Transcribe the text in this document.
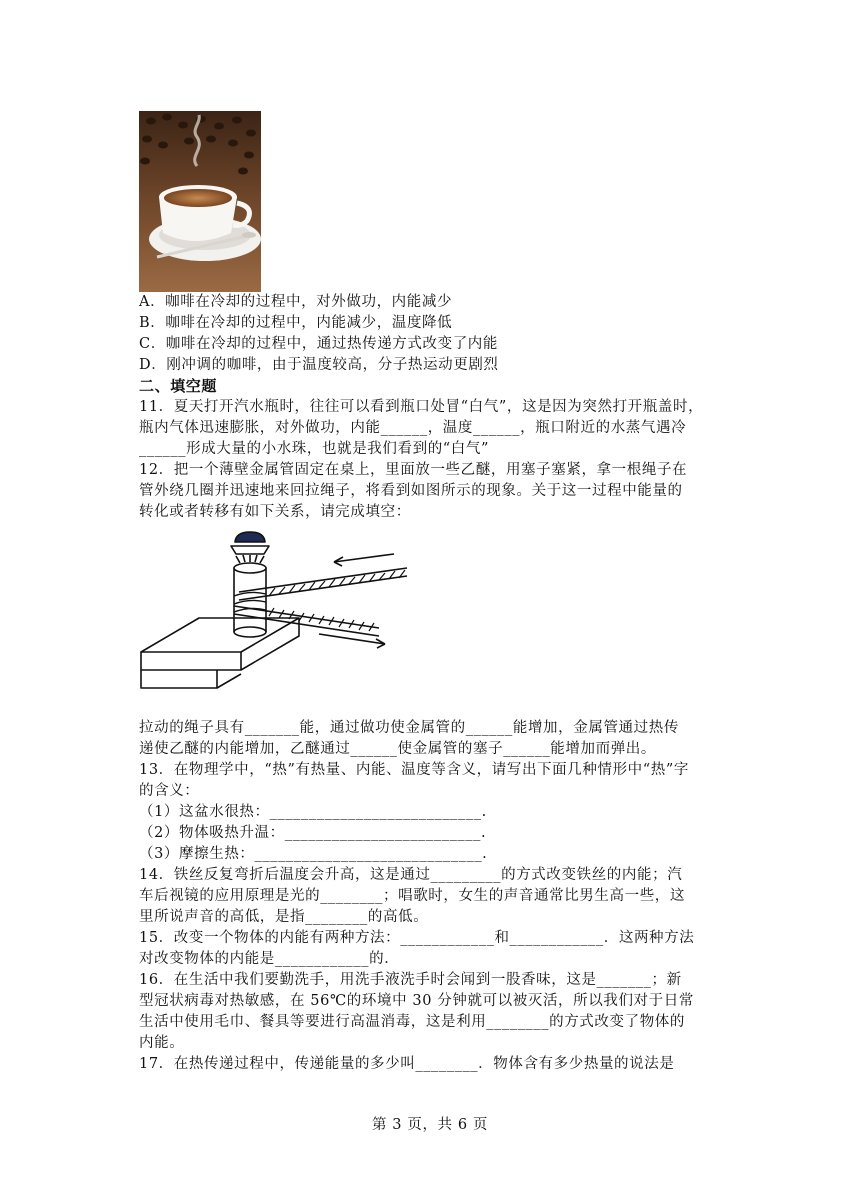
A．咖啡在冷却的过程中，对外做功，内能减少
B．咖啡在冷却的过程中，内能减少，温度降低
C．咖啡在冷却的过程中，通过热传递方式改变了内能
D．刚冲调的咖啡，由于温度较高，分子热运动更剧烈
二、填空题
11．夏天打开汽水瓶时，往往可以看到瓶口处冒“白气”，这是因为突然打开瓶盖时，
瓶内气体迅速膨胀，对外做功，内能______，温度______，瓶口附近的水蒸气遇冷
______形成大量的小水珠，也就是我们看到的“白气”
12．把一个薄壁金属管固定在桌上，里面放一些乙醚，用塞子塞紧，拿一根绳子在
管外绕几圈并迅速地来回拉绳子，将看到如图所示的现象。关于这一过程中能量的
转化或者转移有如下关系，请完成填空：
拉动的绳子具有_______能，通过做功使金属管的______能增加，金属管通过热传
递使乙醚的内能增加，乙醚通过______使金属管的塞子______能增加而弹出。
13．在物理学中，“热”有热量、内能、温度等含义，请写出下面几种情形中“热”字
的含义：
（1）这盆水很热：___________________________.
（2）物体吸热升温：_________________________.
（3）摩擦生热：_____________________________.
14．铁丝反复弯折后温度会升高，这是通过_________的方式改变铁丝的内能；汽
车后视镜的应用原理是光的________；唱歌时，女生的声音通常比男生高一些，这
里所说声音的高低，是指________的高低。
15．改变一个物体的内能有两种方法：____________和____________．这两种方法
对改变物体的内能是____________的．
16．在生活中我们要勤洗手，用洗手液洗手时会闻到一股香味，这是_______；新
型冠状病毒对热敏感，在 56℃的环境中 30 分钟就可以被灭活，所以我们对于日常
生活中使用毛巾、餐具等要进行高温消毒，这是利用________的方式改变了物体的
内能。
17．在热传递过程中，传递能量的多少叫________．物体含有多少热量的说法是
第 3 页，共 6 页
